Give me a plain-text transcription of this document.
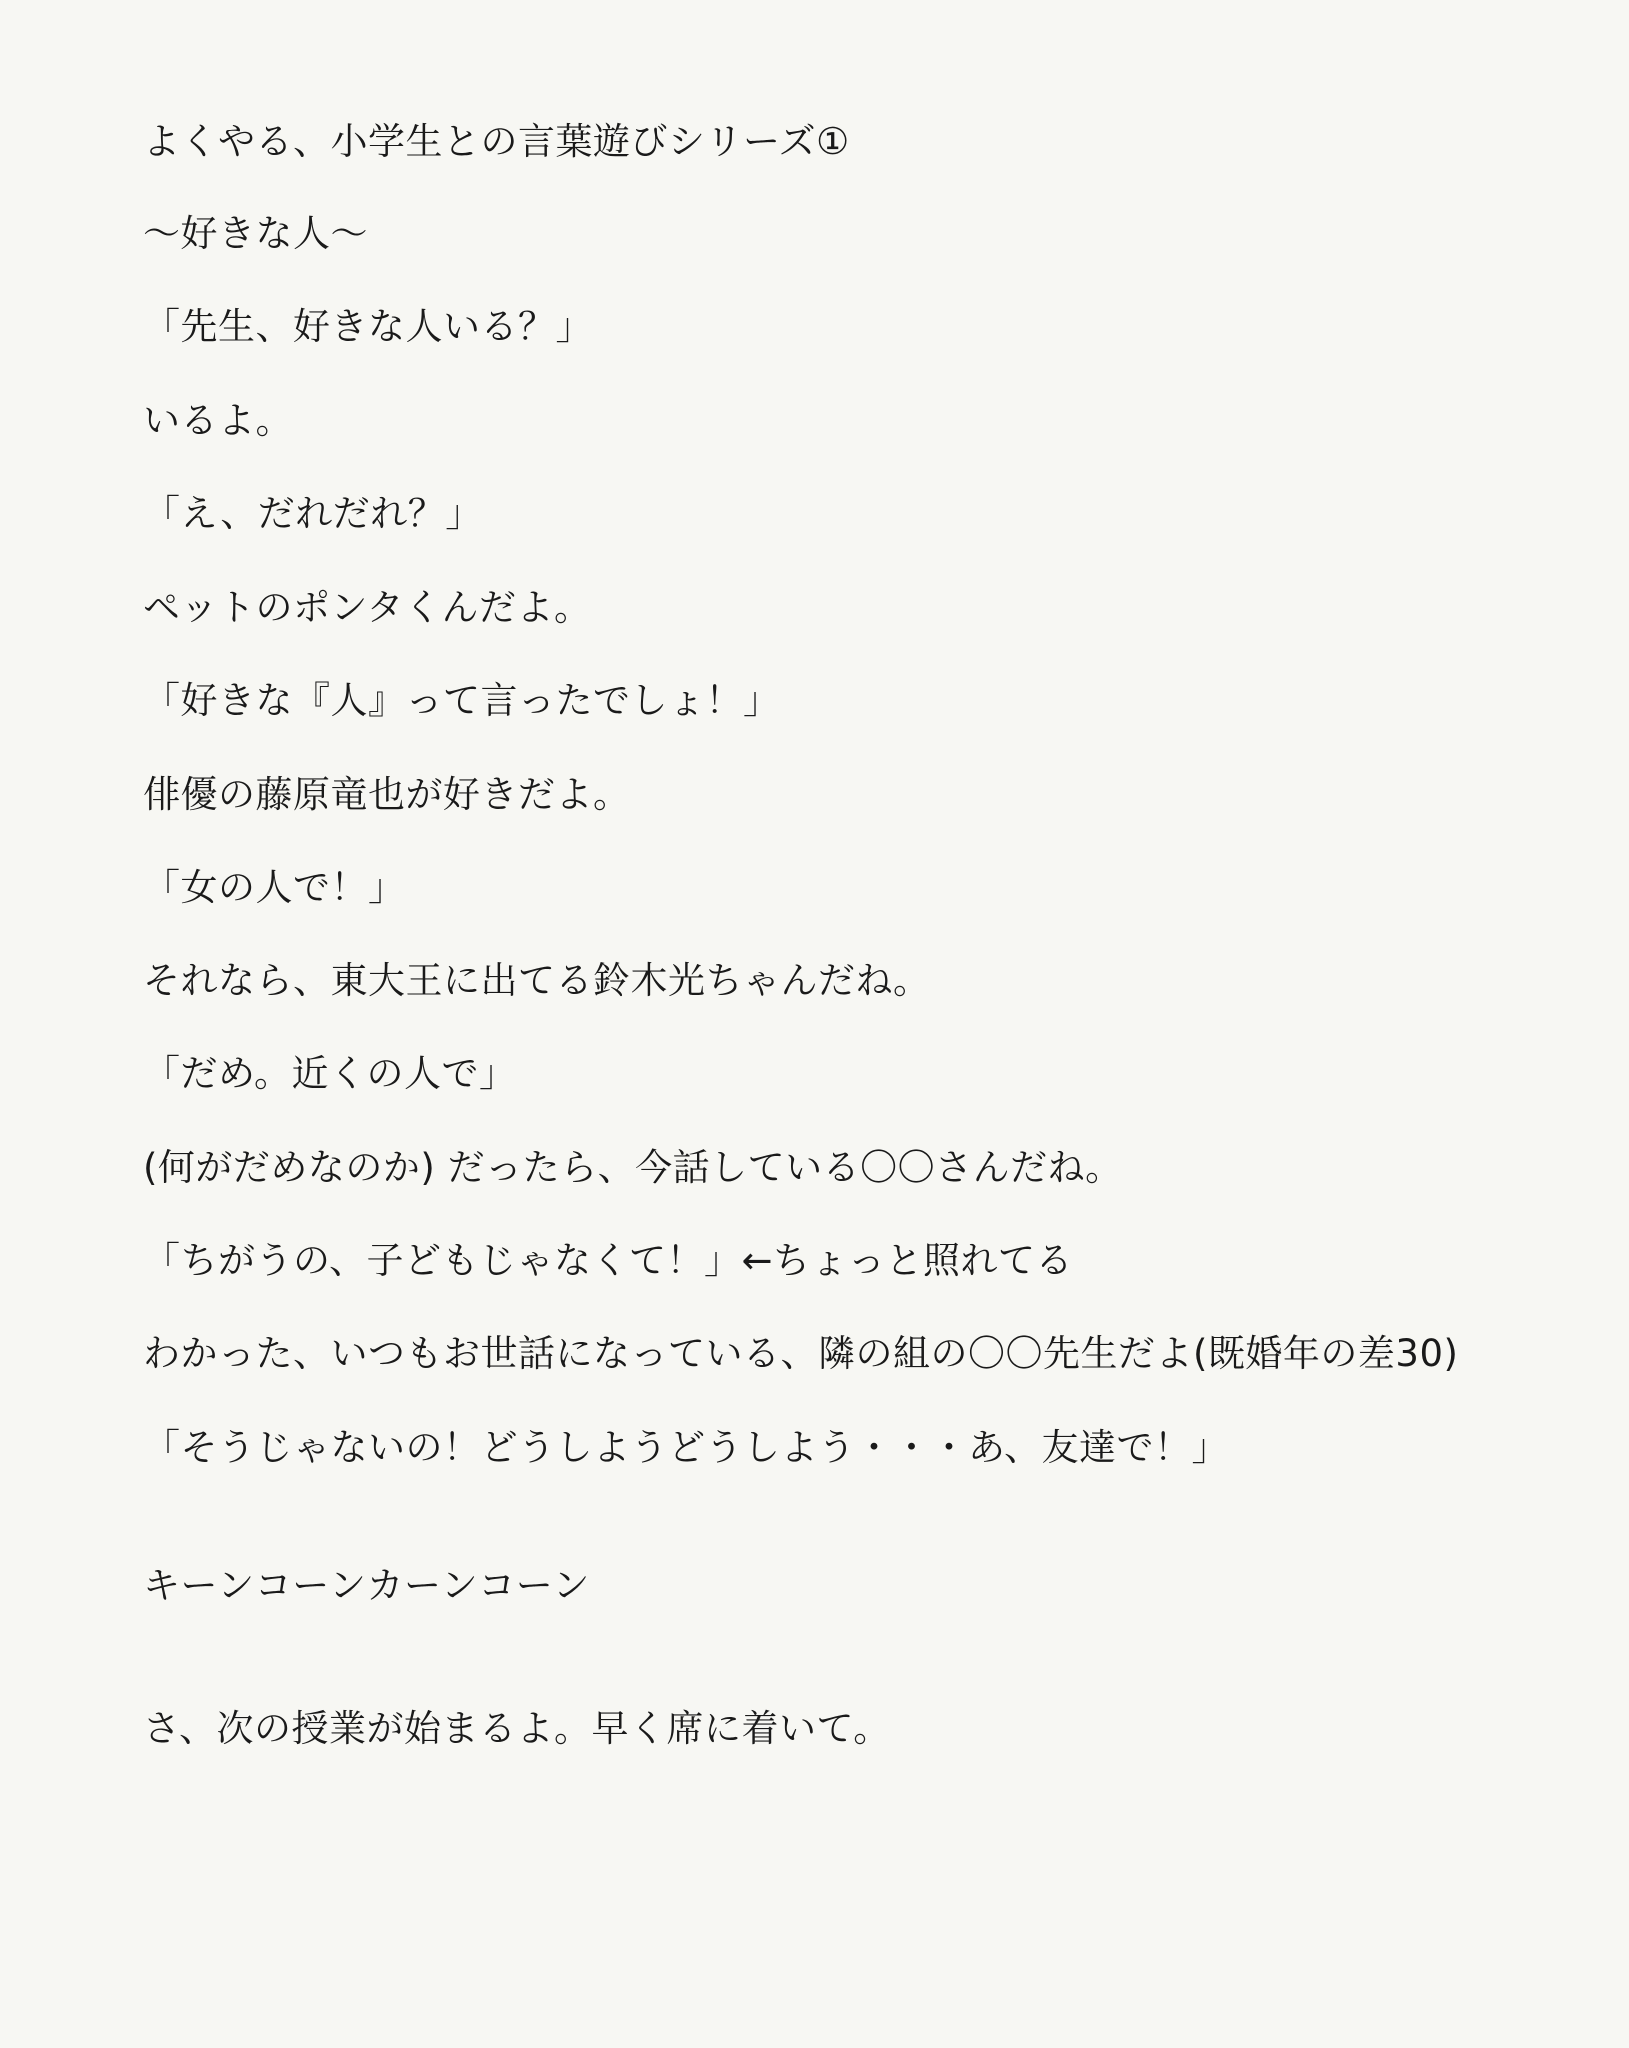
よくやる、小学生との言葉遊びシリーズ①
〜好きな人〜
「先生、好きな人いる？」
いるよ。
「え、だれだれ？」
ペットのポンタくんだよ。
「好きな『人』って言ったでしょ！」
俳優の藤原竜也が好きだよ。
「女の人で！」
それなら、東大王に出てる鈴木光ちゃんだね。
「だめ。近くの人で」
(何がだめなのか) だったら、今話している〇〇さんだね。
「ちがうの、子どもじゃなくて！」←ちょっと照れてる
わかった、いつもお世話になっている、隣の組の〇〇先生だよ(既婚年の差30)
「そうじゃないの！どうしようどうしよう・・・あ、友達で！」
キーンコーンカーンコーン
さ、次の授業が始まるよ。早く席に着いて。
